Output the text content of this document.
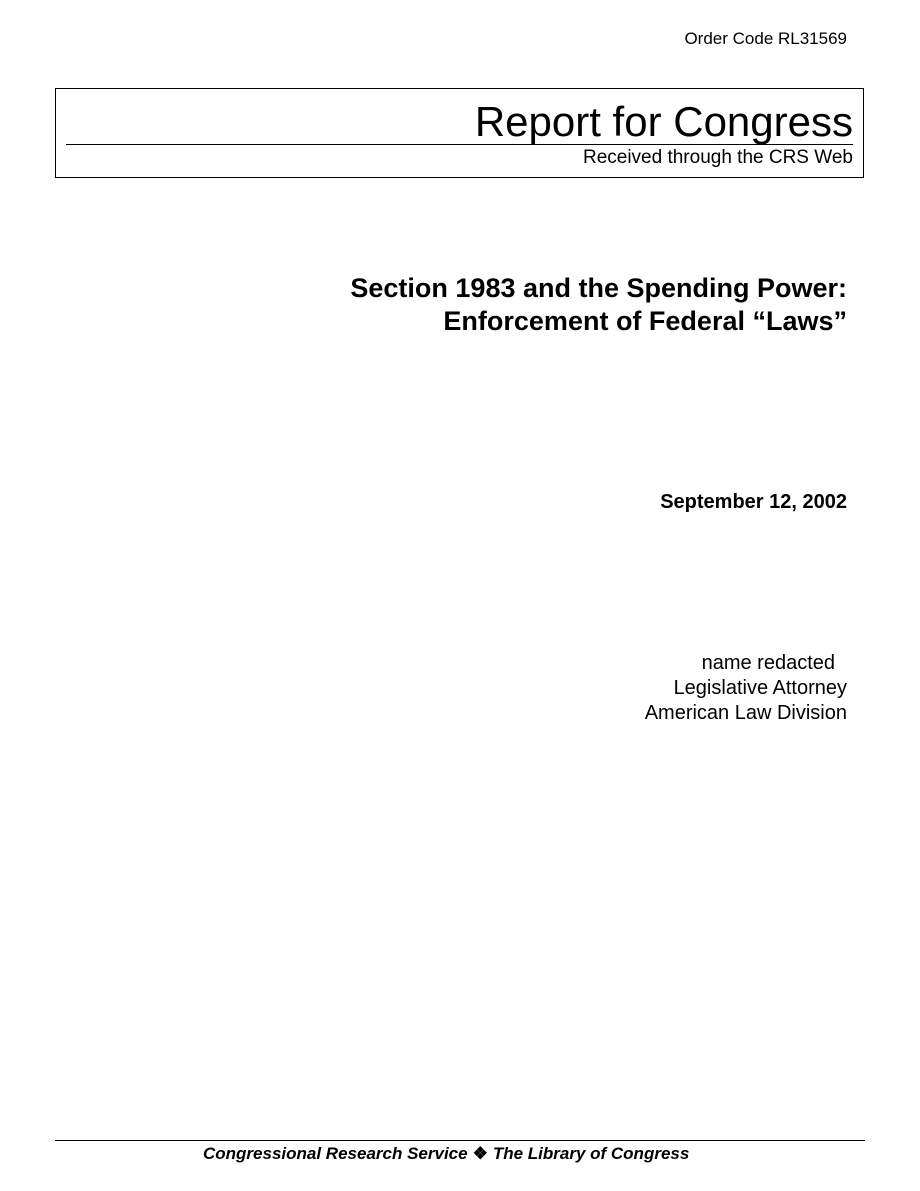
Order Code RL31569
Report for Congress
Received through the CRS Web
Section 1983 and the Spending Power:
Enforcement of Federal “Laws”
September 12, 2002
name redacted
Legislative Attorney
American Law Division
Congressional Research Service ❖ The Library of Congress
